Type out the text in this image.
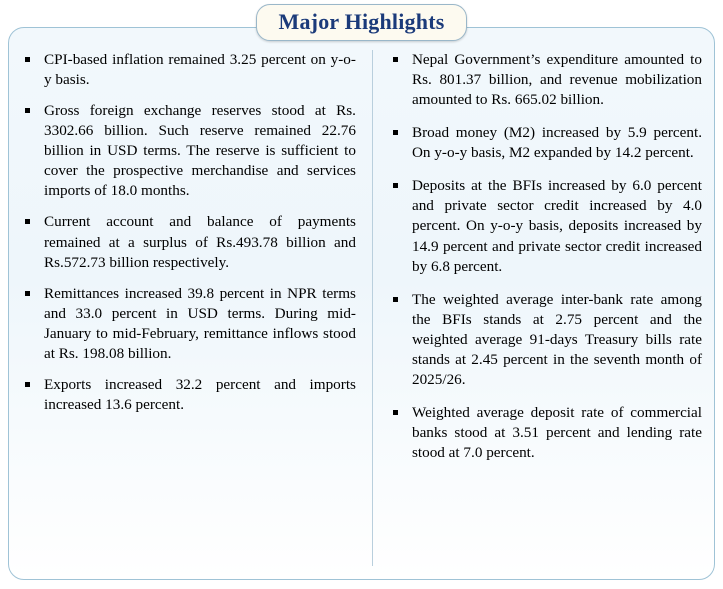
Major Highlights
CPI-based inflation remained 3.25 percent on y-o-y basis.
Gross foreign exchange reserves stood at Rs. 3302.66 billion. Such reserve remained 22.76 billion in USD terms. The reserve is sufficient to cover the prospective merchandise and services imports of 18.0 months.
Current account and balance of payments remained at a surplus of Rs.493.78 billion and Rs.572.73 billion respectively.
Remittances increased 39.8 percent in NPR terms and 33.0 percent in USD terms. During mid-January to mid-February, remittance inflows stood at Rs. 198.08 billion.
Exports increased 32.2 percent and imports increased 13.6 percent.
Nepal Government’s expenditure amounted to Rs. 801.37 billion, and revenue mobilization amounted to Rs. 665.02 billion.
Broad money (M2) increased by 5.9 percent. On y-o-y basis, M2 expanded by 14.2 percent.
Deposits at the BFIs increased by 6.0 percent and private sector credit increased by 4.0 percent. On y-o-y basis, deposits increased by 14.9 percent and private sector credit increased by 6.8 percent.
The weighted average inter-bank rate among the BFIs stands at 2.75 percent and the weighted average 91-days Treasury bills rate stands at 2.45 percent in the seventh month of 2025/26.
Weighted average deposit rate of commercial banks stood at 3.51 percent and lending rate stood at 7.0 percent.
